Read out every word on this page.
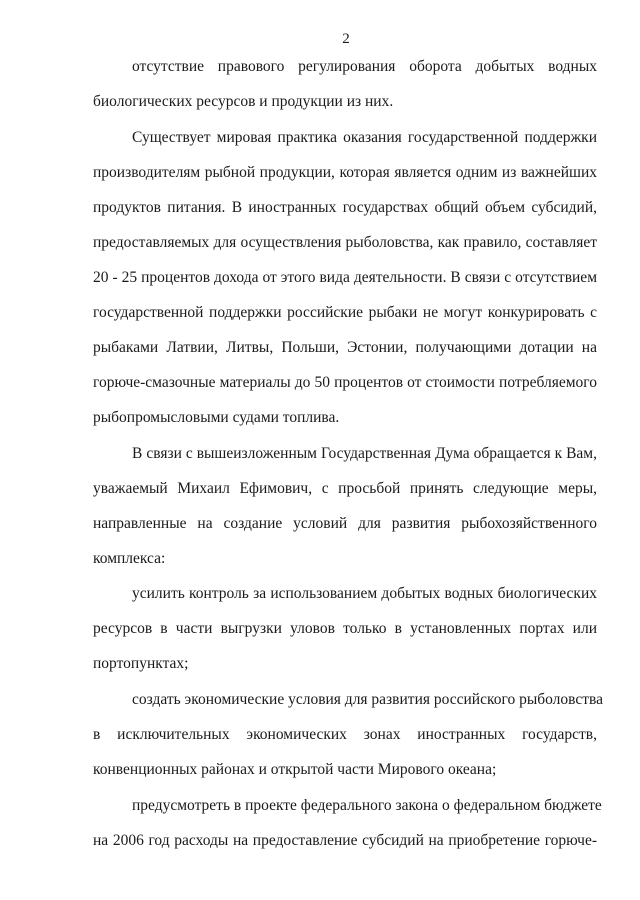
2
отсутствие правового регулирования оборота добытых водных
биологических ресурсов и продукции из них.
Существует мировая практика оказания государственной поддержки
производителям рыбной продукции, которая является одним из важнейших
продуктов питания. В иностранных государствах общий объем субсидий,
предоставляемых для осуществления рыболовства, как правило, составляет
20 - 25 процентов дохода от этого вида деятельности. В связи с отсутствием
государственной поддержки российские рыбаки не могут конкурировать с
рыбаками Латвии, Литвы, Польши, Эстонии, получающими дотации на
горюче-смазочные материалы до 50 процентов от стоимости потребляемого
рыбопромысловыми судами топлива.
В связи с вышеизложенным Государственная Дума обращается к Вам,
уважаемый Михаил Ефимович, с просьбой принять следующие меры,
направленные на создание условий для развития рыбохозяйственного
комплекса:
усилить контроль за использованием добытых водных биологических
ресурсов в части выгрузки уловов только в установленных портах или
портопунктах;
создать экономические условия для развития российского рыболовства
в исключительных экономических зонах иностранных государств,
конвенционных районах и открытой части Мирового океана;
предусмотреть в проекте федерального закона о федеральном бюджете
на 2006 год расходы на предоставление субсидий на приобретение горюче-
